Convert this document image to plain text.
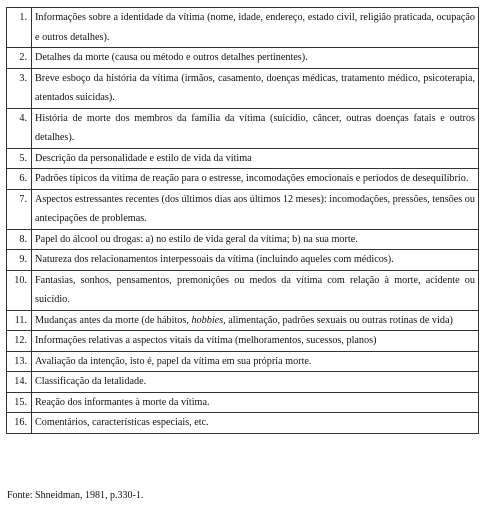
1.	Informações sobre a identidade da vítima (nome, idade, endereço, estado civil, religião praticada, ocupação e outros detalhes).
2.	Detalhes da morte (causa ou método e outros detalhes pertinentes).
3.	Breve esboço da história da vítima (irmãos, casamento, doenças médicas, tratamento médico, psicoterapia, atentados suicidas).
4.	História de morte dos membros da família da vítima (suicídio, câncer, outras doenças fatais e outros detalhes).
5.	Descrição da personalidade e estilo de vida da vítima
6.	Padrões típicos da vítima de reação para o estresse, incomodações emocionais e períodos de desequilíbrio.
7.	Aspectos estressantes recentes (dos últimos dias aos últimos 12 meses): incomodações, pressões, tensões ou antecipações de problemas.
8.	Papel do álcool ou drogas: a) no estilo de vida geral da vítima; b) na sua morte.
9.	Natureza dos relacionamentos interpessoais da vítima (incluindo aqueles com médicos).
10.	Fantasias, sonhos, pensamentos, premonições ou medos da vítima com relação à morte, acidente ou suicídio.
11.	Mudanças antes da morte (de hábitos, hobbies, alimentação, padrões sexuais ou outras rotinas de vida)
12.	Informações relativas a aspectos vitais da vítima (melhoramentos, sucessos, planos)
13.	Avaliação da intenção, isto é, papel da vítima em sua própria morte.
14.	Classificação da letalidade.
15.	Reação dos informantes à morte da vítima.
16.	Comentários, características especiais, etc.
Fonte: Shneidman, 1981, p.330-1.
